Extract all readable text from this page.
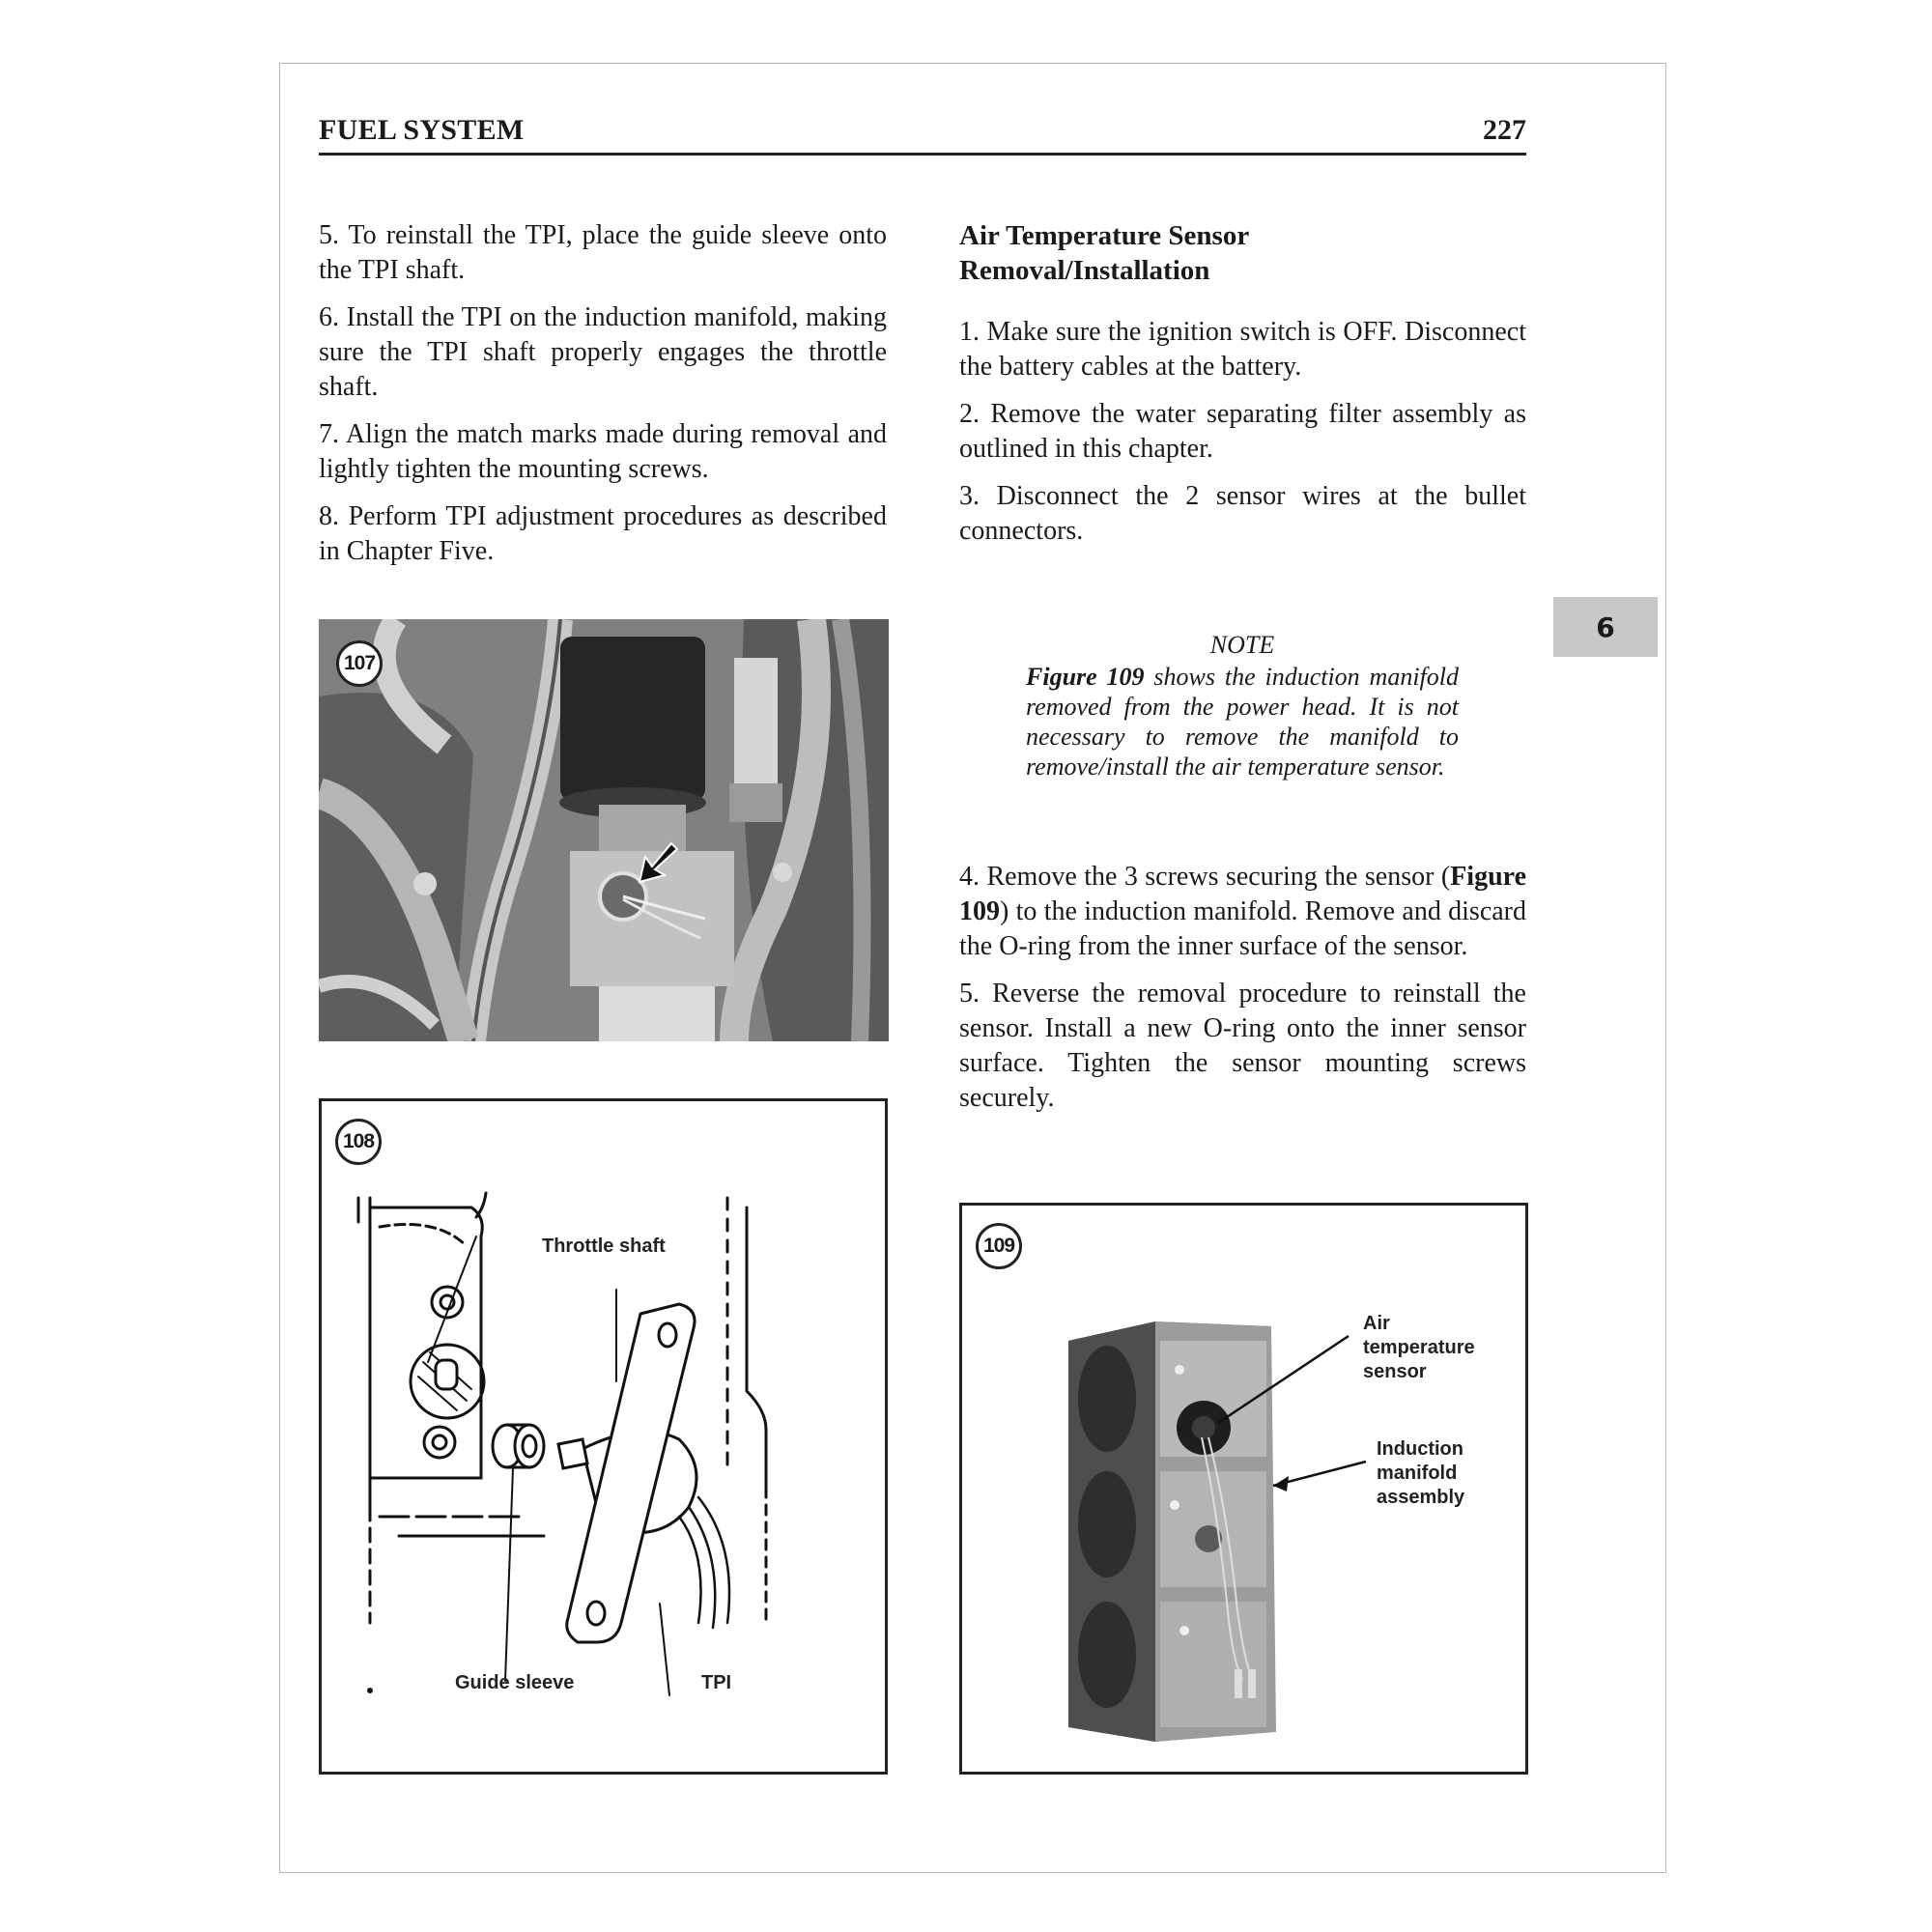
FUEL SYSTEM	227

5. To reinstall the TPI, place the guide sleeve onto the TPI shaft.

6. Install the TPI on the induction manifold, making sure the TPI shaft properly engages the throttle shaft.

7. Align the match marks made during removal and lightly tighten the mounting screws.

8. Perform TPI adjustment procedures as described in Chapter Five.

Air Temperature Sensor
Removal/Installation

1. Make sure the ignition switch is OFF. Disconnect the battery cables at the battery.

2. Remove the water separating filter assembly as outlined in this chapter.

3. Disconnect the 2 sensor wires at the bullet connectors.

NOTE
Figure 109 shows the induction manifold removed from the power head. It is not necessary to remove the manifold to remove/install the air temperature sensor.

4. Remove the 3 screws securing the sensor (Figure 109) to the induction manifold. Remove and discard the O-ring from the inner surface of the sensor.

5. Reverse the removal procedure to reinstall the sensor. Install a new O-ring onto the inner sensor surface. Tighten the sensor mounting screws securely.

6
107
108
Throttle shaft
Guide sleeve	TPI
109
Air
temperature
sensor
Induction
manifold
assembly
